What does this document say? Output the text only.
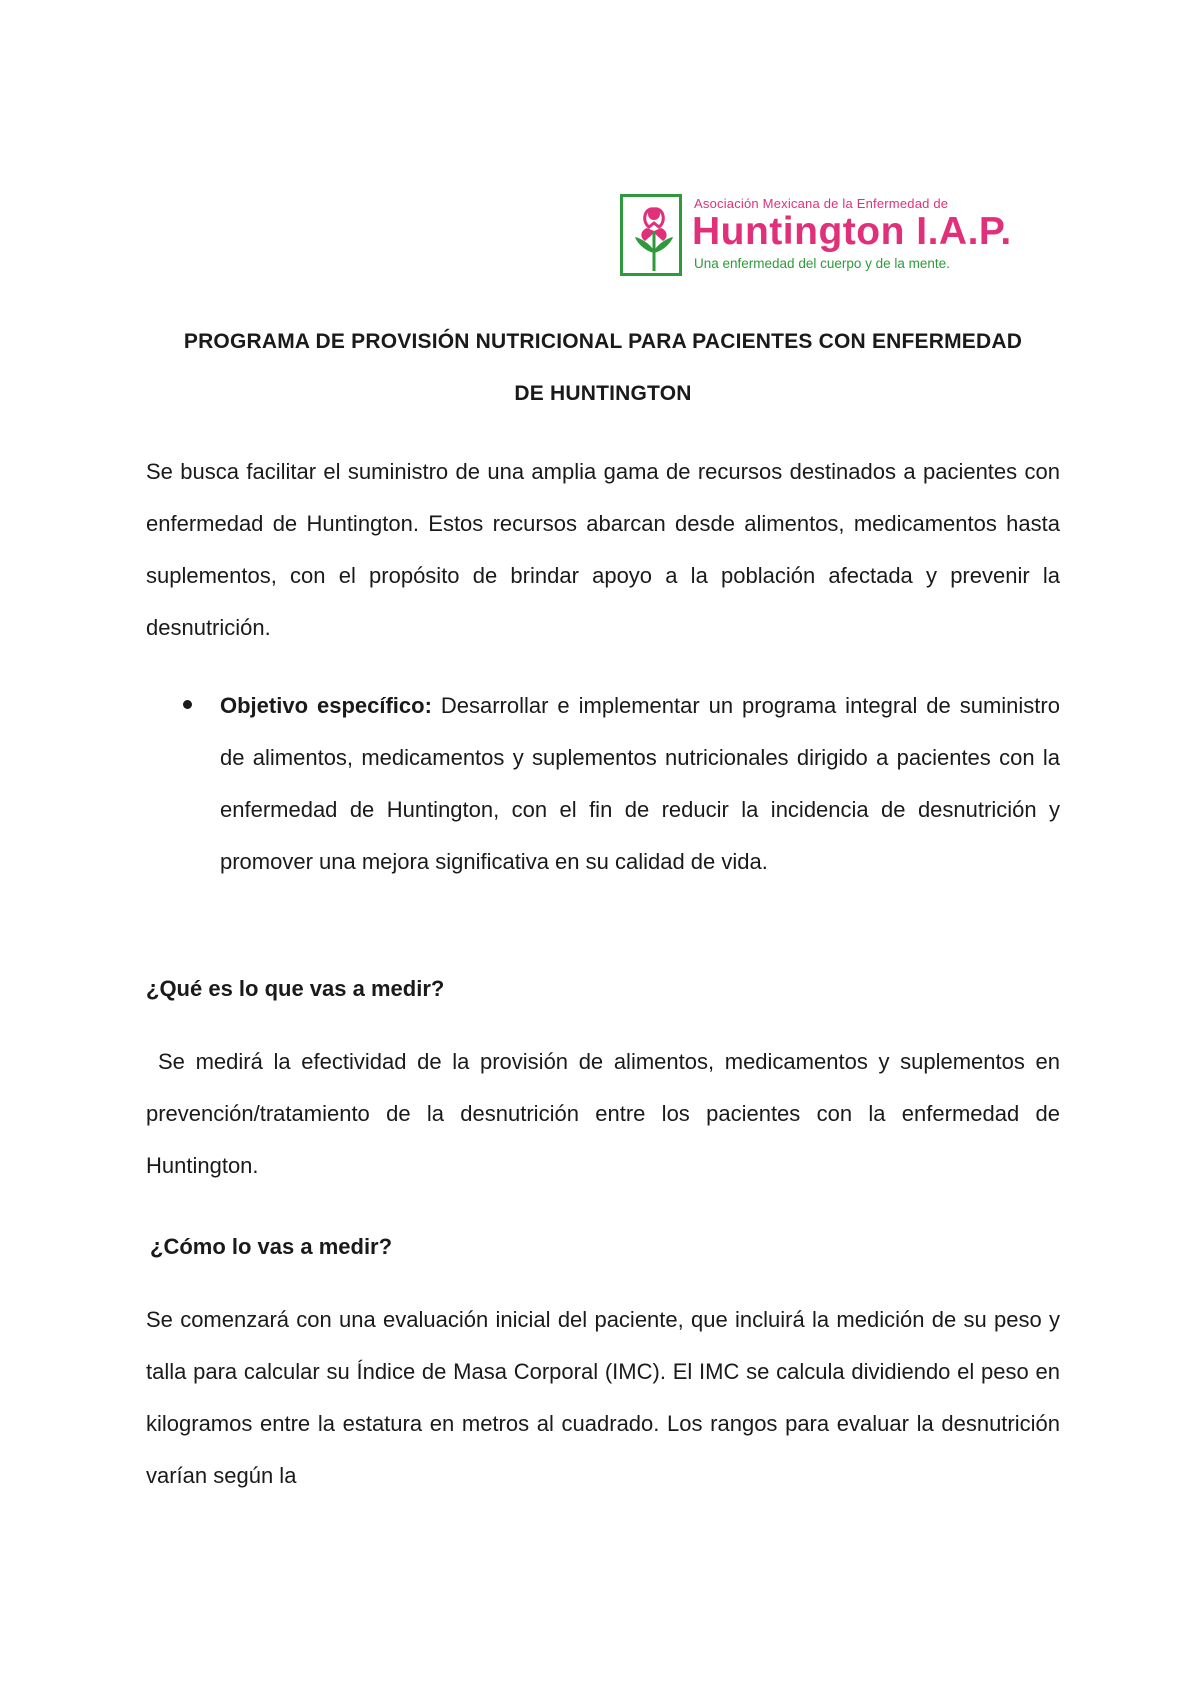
Asociación Mexicana de la Enfermedad de
Huntington I.A.P.
Una enfermedad del cuerpo y de la mente.
PROGRAMA DE PROVISIÓN NUTRICIONAL PARA PACIENTES CON ENFERMEDAD
DE HUNTINGTON

Se busca facilitar el suministro de una amplia gama de recursos destinados a pacientes con enfermedad de Huntington. Estos recursos abarcan desde alimentos, medicamentos hasta suplementos, con el propósito de brindar apoyo a la población afectada y prevenir la desnutrición.

Objetivo específico: Desarrollar e implementar un programa integral de suministro de alimentos, medicamentos y suplementos nutricionales dirigido a pacientes con la enfermedad de Huntington, con el fin de reducir la incidencia de desnutrición y promover una mejora significativa en su calidad de vida.

¿Qué es lo que vas a medir?

Se medirá la efectividad de la provisión de alimentos, medicamentos y suplementos en prevención/tratamiento de la desnutrición entre los pacientes con la enfermedad de Huntington.

¿Cómo lo vas a medir?

Se comenzará con una evaluación inicial del paciente, que incluirá la medición de su peso y talla para calcular su Índice de Masa Corporal (IMC). El IMC se calcula dividiendo el peso en kilogramos entre la estatura en metros al cuadrado. Los rangos para evaluar la desnutrición varían según la
